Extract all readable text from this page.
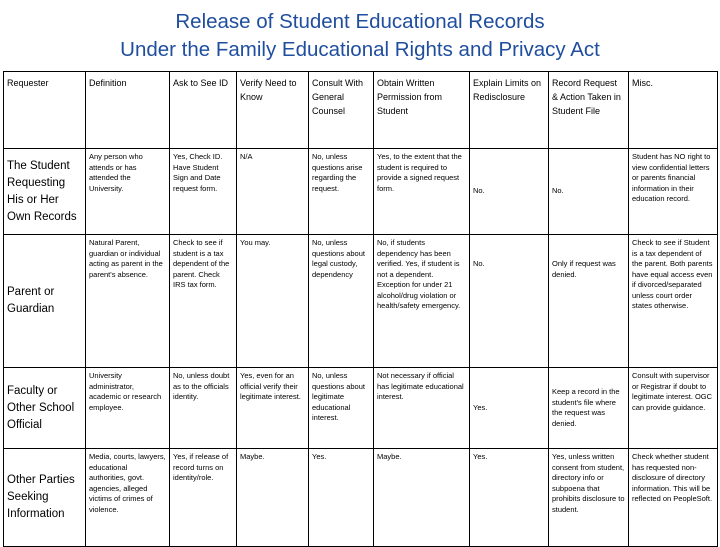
Release of Student Educational Records
Under the Family Educational Rights and Privacy Act
Requester	Definition	Ask to See ID	Verify Need to Know	Consult With General Counsel	Obtain Written Permission from Student	Explain Limits on Redisclosure	Record Request & Action Taken in Student File	Misc.
The Student Requesting His or Her Own Records	Any person who attends or has attended the University.	Yes, Check ID. Have Student Sign and Date request form.	N/A	No, unless questions arise regarding the request.	Yes, to the extent that the student is required to provide a signed request form.	No.	No.	Student has NO right to view confidential letters or parents financial information in their education record.
Parent or Guardian	Natural Parent, guardian or individual acting as parent in the parent's absence.	Check to see if student is a tax dependent of the parent. Check IRS tax form.	You may.	No, unless questions about legal custody, dependency	No, if students dependency has been verified. Yes, if student is not a dependent. Exception for under 21 alcohol/drug violation or health/safety emergency.	No.	Only if request was denied.	Check to see if Student is a tax dependent of the parent. Both parents have equal access even if divorced/separated unless court order states otherwise.
Faculty or Other School Official	University administrator, academic or research employee.	No, unless doubt as to the officials identity.	Yes, even for an official verify their legitimate interest.	No, unless questions about legitimate educational interest.	Not necessary if official has legitimate educational interest.	Yes.	Keep a record in the student's file where the request was denied.	Consult with supervisor or Registrar if doubt to legitimate interest. OGC can provide guidance.
Other Parties Seeking Information	Media, courts, lawyers, educational authorities, govt. agencies, alleged victims of crimes of violence.	Yes, if release of record turns on identity/role.	Maybe.	Yes.	Maybe.	Yes.	Yes, unless written consent from student, directory info or subpoena that prohibits disclosure to student.	Check whether student has requested non-disclosure of directory information. This will be reflected on PeopleSoft.
